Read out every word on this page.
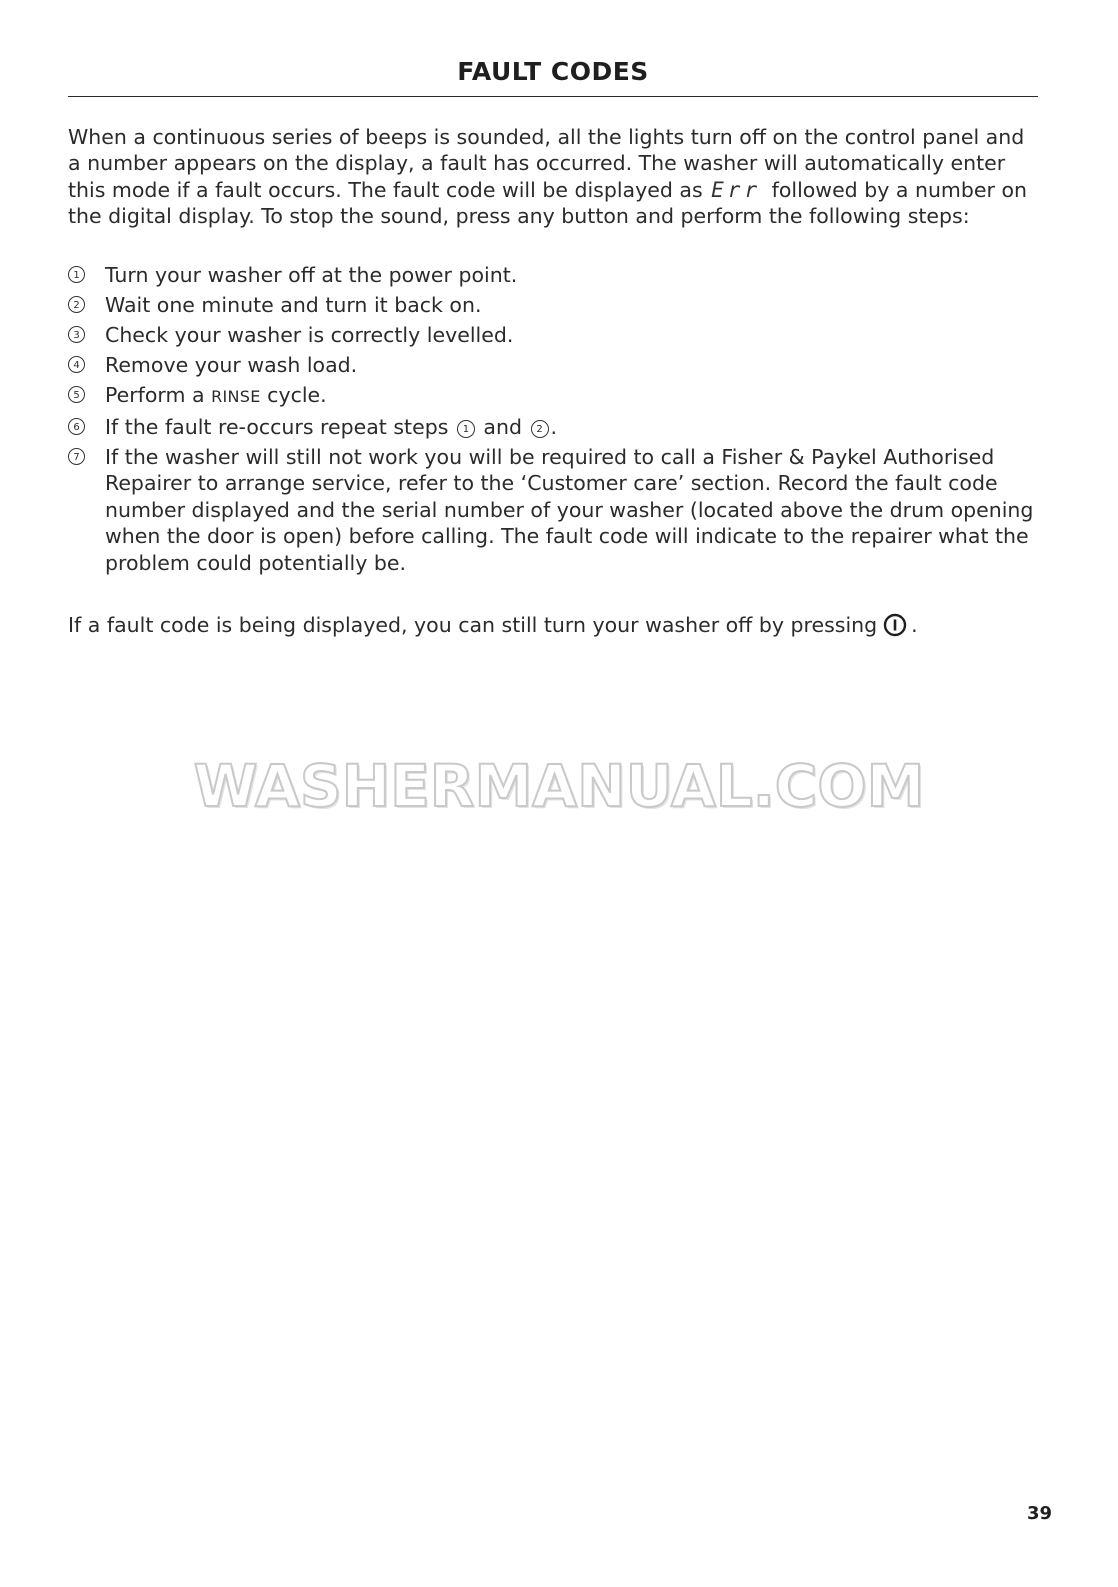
FAULT CODES

When a continuous series of beeps is sounded, all the lights turn off on the control panel and a number appears on the display, a fault has occurred. The washer will automatically enter this mode if a fault occurs. The fault code will be displayed as Err followed by a number on the digital display. To stop the sound, press any button and perform the following steps:

1 Turn your washer off at the power point.
2 Wait one minute and turn it back on.
3 Check your washer is correctly levelled.
4 Remove your wash load.
5 Perform a RINSE cycle.
6 If the fault re-occurs repeat steps 1 and 2 .
7 If the washer will still not work you will be required to call a Fisher & Paykel Authorised Repairer to arrange service, refer to the ‘Customer care’ section. Record the fault code number displayed and the serial number of your washer (located above the drum opening when the door is open) before calling. The fault code will indicate to the repairer what the problem could potentially be.

If a fault code is being displayed, you can still turn your washer off by pressing .

WASHERMANUAL.COM
39
